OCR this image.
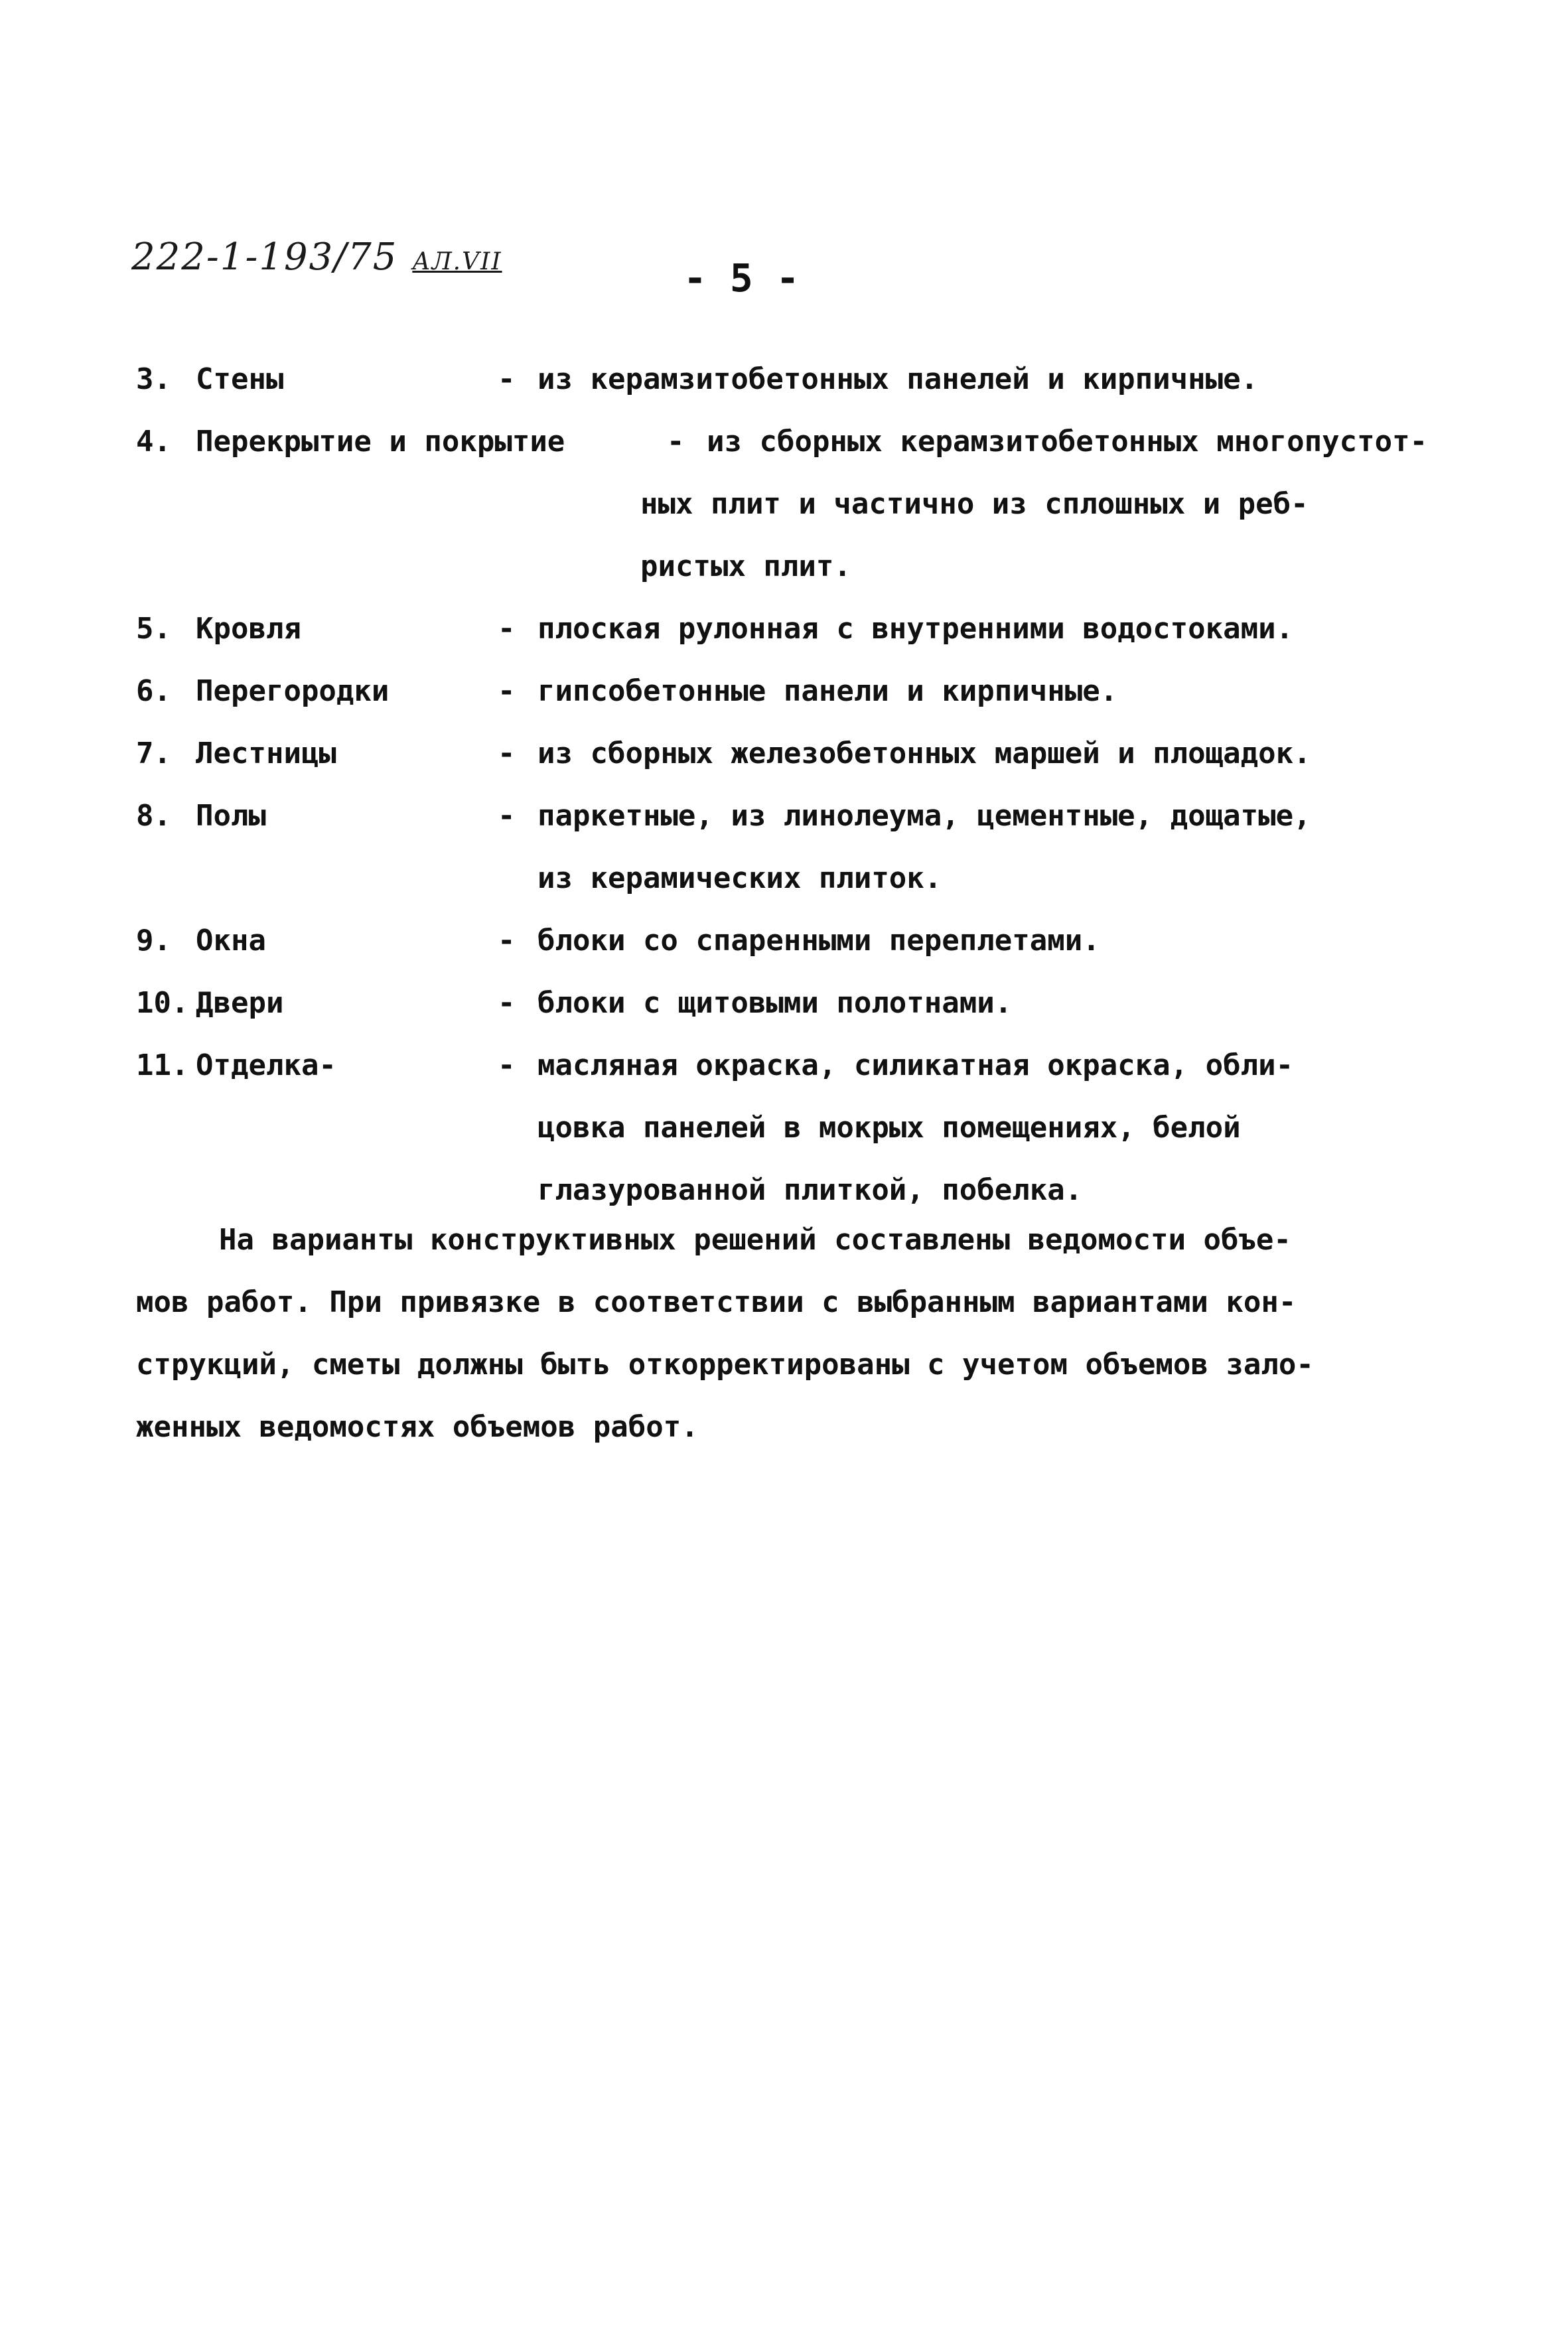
222-1-193/75 АЛ.VII	- 5 -
3. Стены	- из керамзитобетонных панелей и кирпичные.
4. Перекрытие и покрытие	- из сборных керамзитобетонных многопустот-
ных плит и частично из сплошных и реб-
ристых плит.
5. Кровля	- плоская рулонная с внутренними водостоками.
6. Перегородки	- гипсобетонные панели и кирпичные.
7. Лестницы	- из сборных железобетонных маршей и площадок.
8. Полы	- паркетные, из линолеума, цементные, дощатые,
из керамических плиток.
9. Окна	- блоки со спаренными переплетами.
10. Двери	- блоки с щитовыми полотнами.
11. Отделка-	- масляная окраска, силикатная окраска, обли-
цовка панелей в мокрых помещениях, белой
глазурованной плиткой, побелка.
На варианты конструктивных решений составлены ведомости объе-
мов работ. При привязке в соответствии с выбранным вариантами кон-
струкций, сметы должны быть откорректированы с учетом объемов зало-
женных ведомостях объемов работ.
